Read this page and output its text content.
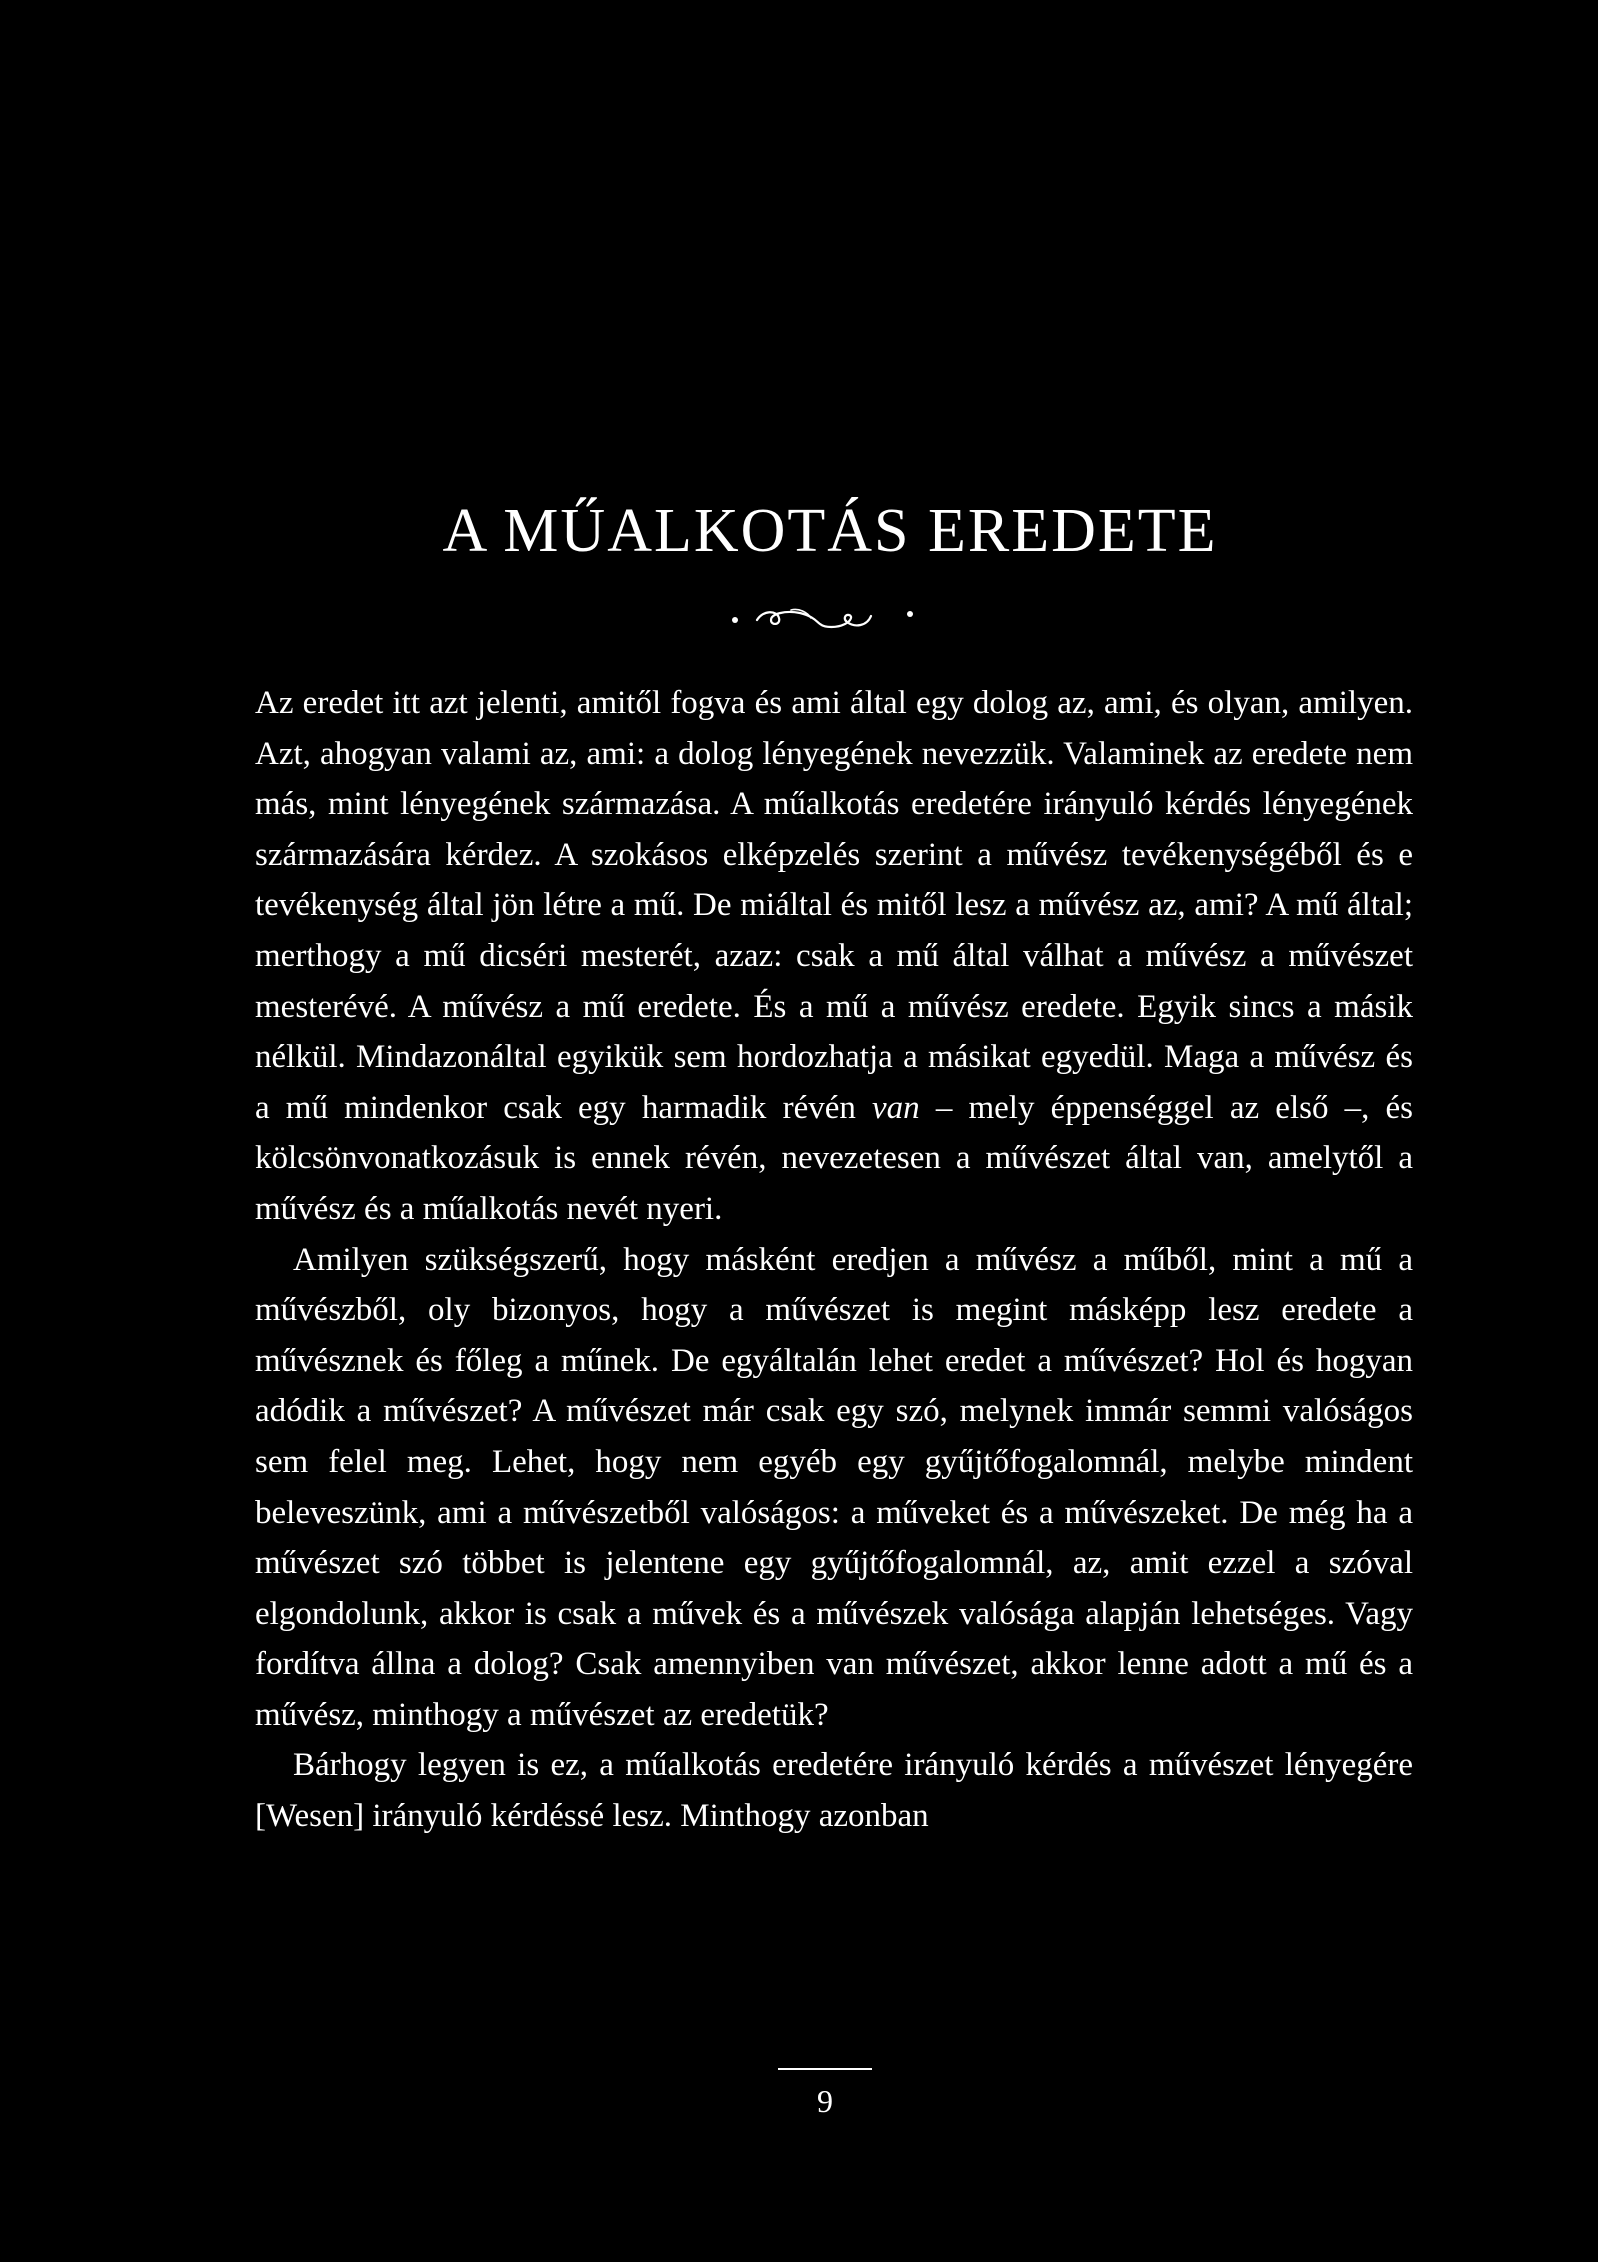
A MŰALKOTÁS EREDETE

Az eredet itt azt jelenti, amitől fogva és ami által egy dolog az, ami, és olyan, amilyen. Azt, ahogyan valami az, ami: a dolog lényegének nevezzük. Valaminek az eredete nem más, mint lényegének származása. A műalkotás eredetére irányuló kérdés lényegének származására kérdez. A szokásos elképzelés szerint a művész tevékenységéből és e tevékenység által jön létre a mű. De miáltal és mitől lesz a művész az, ami? A mű által; merthogy a mű dicséri mesterét, azaz: csak a mű által válhat a művész a művészet mesterévé. A művész a mű eredete. És a mű a művész eredete. Egyik sincs a másik nélkül. Mindazonáltal egyikük sem hordozhatja a másikat egyedül. Maga a művész és a mű mindenkor csak egy harmadik révén van – mely éppenséggel az első –, és kölcsönvonatkozásuk is ennek révén, nevezetesen a művészet által van, amelytől a művész és a műalkotás nevét nyeri.

Amilyen szükségszerű, hogy másként eredjen a művész a műből, mint a mű a művészből, oly bizonyos, hogy a művészet is megint másképp lesz eredete a művésznek és főleg a műnek. De egyáltalán lehet eredet a művészet? Hol és hogyan adódik a művészet? A művészet már csak egy szó, melynek immár semmi valóságos sem felel meg. Lehet, hogy nem egyéb egy gyűjtőfogalomnál, melybe mindent beleveszünk, ami a művészetből valóságos: a műveket és a művészeket. De még ha a művészet szó többet is jelentene egy gyűjtőfogalomnál, az, amit ezzel a szóval elgondolunk, akkor is csak a művek és a művészek valósága alapján lehetséges. Vagy fordítva állna a dolog? Csak amennyiben van művészet, akkor lenne adott a mű és a művész, minthogy a művészet az eredetük?

Bárhogy legyen is ez, a műalkotás eredetére irányuló kérdés a művészet lényegére [Wesen] irányuló kérdéssé lesz. Minthogy azonban

9
